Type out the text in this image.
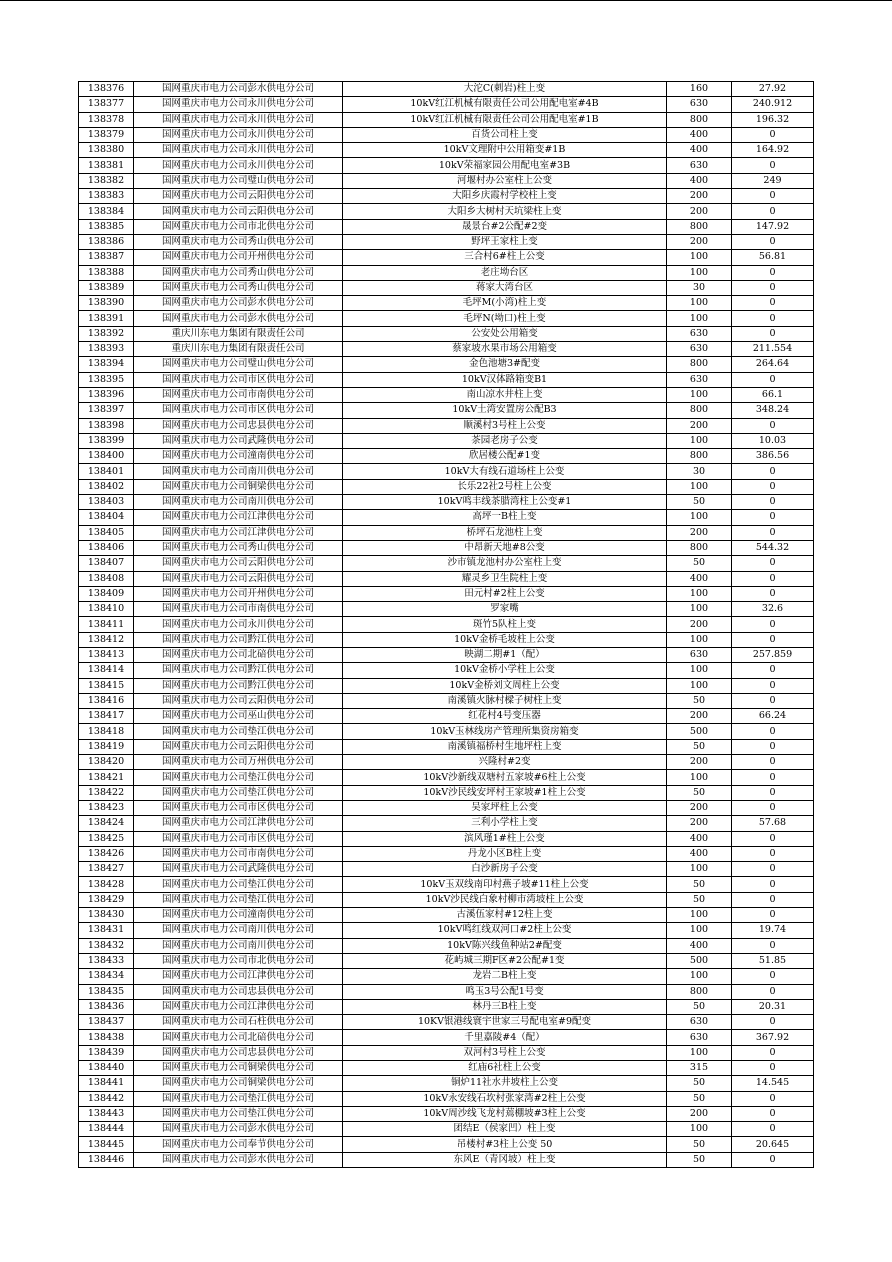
138376	国网重庆市电力公司彭水供电分公司	大沱C(刺岩)柱上变	160	27.92
138377	国网重庆市电力公司永川供电分公司	10kV红江机械有限责任公司公用配电室#4B	630	240.912
138378	国网重庆市电力公司永川供电分公司	10kV红江机械有限责任公司公用配电室#1B	800	196.32
138379	国网重庆市电力公司永川供电分公司	百货公司柱上变	400	0
138380	国网重庆市电力公司永川供电分公司	10kV文理附中公用箱变#1B	400	164.92
138381	国网重庆市电力公司永川供电分公司	10kV荣福家园公用配电室#3B	630	0
138382	国网重庆市电力公司璧山供电分公司	河堰村办公室柱上公变	400	249
138383	国网重庆市电力公司云阳供电分公司	大阳乡庆霞村学校柱上变	200	0
138384	国网重庆市电力公司云阳供电分公司	大阳乡大树村天坑梁柱上变	200	0
138385	国网重庆市电力公司市北供电分公司	晟景台#2公配#2变	800	147.92
138386	国网重庆市电力公司秀山供电分公司	野坪王家柱上变	200	0
138387	国网重庆市电力公司开州供电分公司	三合村6#柱上公变	100	56.81
138388	国网重庆市电力公司秀山供电分公司	老庄坳台区	100	0
138389	国网重庆市电力公司秀山供电分公司	蒋家大湾台区	30	0
138390	国网重庆市电力公司彭水供电分公司	毛坪M(小湾)柱上变	100	0
138391	国网重庆市电力公司彭水供电分公司	毛坪N(坳口)柱上变	100	0
138392	重庆川东电力集团有限责任公司	公安处公用箱变	630	0
138393	重庆川东电力集团有限责任公司	蔡家坡水果市场公用箱变	630	211.554
138394	国网重庆市电力公司璧山供电分公司	金色池塘3#配变	800	264.64
138395	国网重庆市电力公司市区供电分公司	10kV汉体路箱变B1	630	0
138396	国网重庆市电力公司市南供电分公司	南山凉水井柱上变	100	66.1
138397	国网重庆市电力公司市区供电分公司	10kV土湾安置房公配B3	800	348.24
138398	国网重庆市电力公司忠县供电分公司	顺溪村3号柱上公变	200	0
138399	国网重庆市电力公司武隆供电分公司	茶园老房子公变	100	10.03
138400	国网重庆市电力公司潼南供电分公司	欣居楼公配#1变	800	386.56
138401	国网重庆市电力公司南川供电分公司	10kV大有线石道场柱上公变	30	0
138402	国网重庆市电力公司铜梁供电分公司	长乐22社2号柱上公变	100	0
138403	国网重庆市电力公司南川供电分公司	10kV鸣丰线茶腊湾柱上公变#1	50	0
138404	国网重庆市电力公司江津供电分公司	高坪一B柱上变	100	0
138405	国网重庆市电力公司江津供电分公司	桥坪石龙池柱上变	200	0
138406	国网重庆市电力公司秀山供电分公司	中昂新天地#8公变	800	544.32
138407	国网重庆市电力公司云阳供电分公司	沙市镇龙池村办公室柱上变	50	0
138408	国网重庆市电力公司云阳供电分公司	耀灵乡卫生院柱上变	400	0
138409	国网重庆市电力公司开州供电分公司	田元村#2柱上公变	100	0
138410	国网重庆市电力公司市南供电分公司	罗家嘴	100	32.6
138411	国网重庆市电力公司永川供电分公司	斑竹5队柱上变	200	0
138412	国网重庆市电力公司黔江供电分公司	10kV金桥毛坡柱上公变	100	0
138413	国网重庆市电力公司北碚供电分公司	映湖二期#1（配）	630	257.859
138414	国网重庆市电力公司黔江供电分公司	10kV金桥小学柱上公变	100	0
138415	国网重庆市电力公司黔江供电分公司	10kV金桥刘文周柱上公变	100	0
138416	国网重庆市电力公司云阳供电分公司	南溪镇火脉村樑子树柱上变	50	0
138417	国网重庆市电力公司巫山供电分公司	红花村4号变压器	200	66.24
138418	国网重庆市电力公司垫江供电分公司	10kV玉林线房产管理所集资房箱变	500	0
138419	国网重庆市电力公司云阳供电分公司	南溪镇福桥村生地坪柱上变	50	0
138420	国网重庆市电力公司万州供电分公司	兴隆村#2变	200	0
138421	国网重庆市电力公司垫江供电分公司	10kV沙新线双塘村五家坡#6柱上公变	100	0
138422	国网重庆市电力公司垫江供电分公司	10kV沙民线安坪村王家坡#1柱上公变	50	0
138423	国网重庆市电力公司市区供电分公司	吴家坪柱上公变	200	0
138424	国网重庆市电力公司江津供电分公司	三利小学柱上变	200	57.68
138425	国网重庆市电力公司市区供电分公司	滨风瑾1#柱上公变	400	0
138426	国网重庆市电力公司市南供电分公司	丹龙小区B柱上变	400	0
138427	国网重庆市电力公司武隆供电分公司	白沙新房子公变	100	0
138428	国网重庆市电力公司垫江供电分公司	10kV玉双线南印村燕子坡#11柱上公变	50	0
138429	国网重庆市电力公司垫江供电分公司	10kV沙民线白象村柳市湾坡柱上公变	50	0
138430	国网重庆市电力公司潼南供电分公司	古溪伍家村#12柱上变	100	0
138431	国网重庆市电力公司南川供电分公司	10kV鸣红线双河口#2柱上公变	100	19.74
138432	国网重庆市电力公司南川供电分公司	10kV陈兴线鱼种站2#配变	400	0
138433	国网重庆市电力公司市北供电分公司	花屿城三期F区#2公配#1变	500	51.85
138434	国网重庆市电力公司江津供电分公司	龙岩二B柱上变	100	0
138435	国网重庆市电力公司忠县供电分公司	鸣玉3号公配1号变	800	0
138436	国网重庆市电力公司江津供电分公司	林丹三B柱上变	50	20.31
138437	国网重庆市电力公司石柱供电分公司	10KV银港线寰宇世家三号配电室#9配变	630	0
138438	国网重庆市电力公司北碚供电分公司	千里嘉陵#4（配）	630	367.92
138439	国网重庆市电力公司忠县供电分公司	双河村3号柱上公变	100	0
138440	国网重庆市电力公司铜梁供电分公司	红庙6社柱上公变	315	0
138441	国网重庆市电力公司铜梁供电分公司	铜炉11社水井坡柱上公变	50	14.545
138442	国网重庆市电力公司垫江供电分公司	10kV永安线石坎村张家湾#2柱上公变	50	0
138443	国网重庆市电力公司垫江供电分公司	10kV周沙线飞龙村蔫棚坡#3柱上公变	200	0
138444	国网重庆市电力公司彭水供电分公司	团结E（侯家凹）柱上变	100	0
138445	国网重庆市电力公司奉节供电分公司	吊楼村#3柱上公变 50	50	20.645
138446	国网重庆市电力公司彭水供电分公司	东风E（青冈坡）柱上变	50	0
